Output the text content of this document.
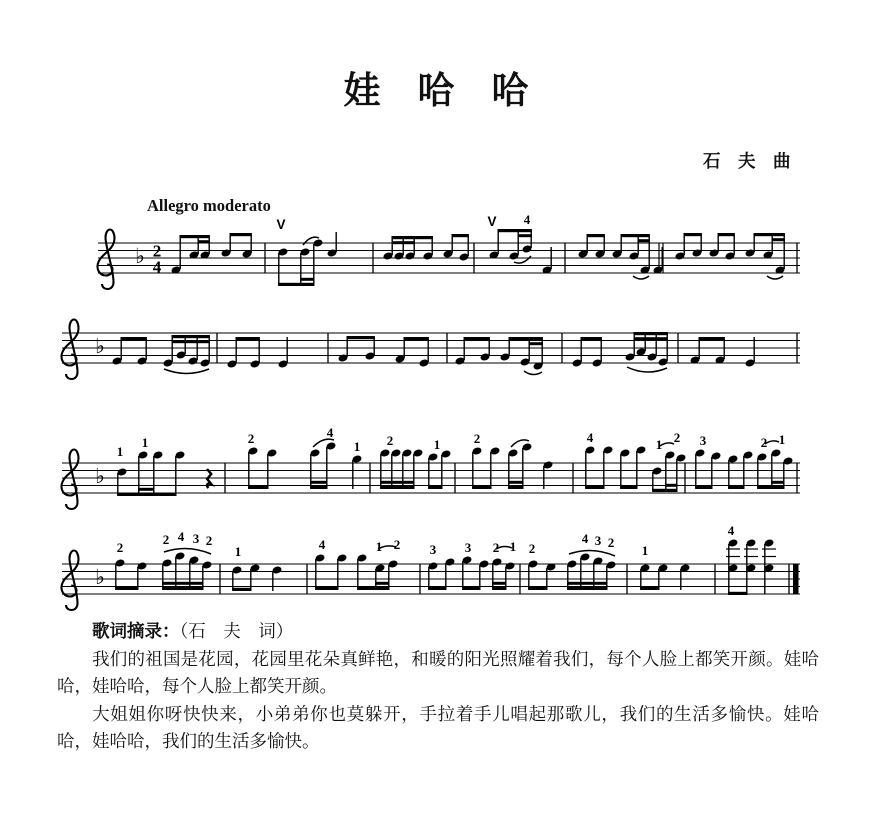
娃　哈　哈
石　夫　曲
Allegro moderato
♭ 2
4
4
V	V
♭
♭
1
1	2	4
1 2	1	2	4	1 2 3	2 1
♭
2
2 4 3 2
1	4	1 2 3 3 2 1 2
4 3 2
1
4
歌词摘录：（石　夫　词）

我们的祖国是花园，花园里花朵真鲜艳，和暖的阳光照耀着我们，每个人脸上都笑开颜。娃哈哈，娃哈哈，每个人脸上都笑开颜。

大姐姐你呀快快来，小弟弟你也莫躲开，手拉着手儿唱起那歌儿，我们的生活多愉快。娃哈哈，娃哈哈，我们的生活多愉快。
